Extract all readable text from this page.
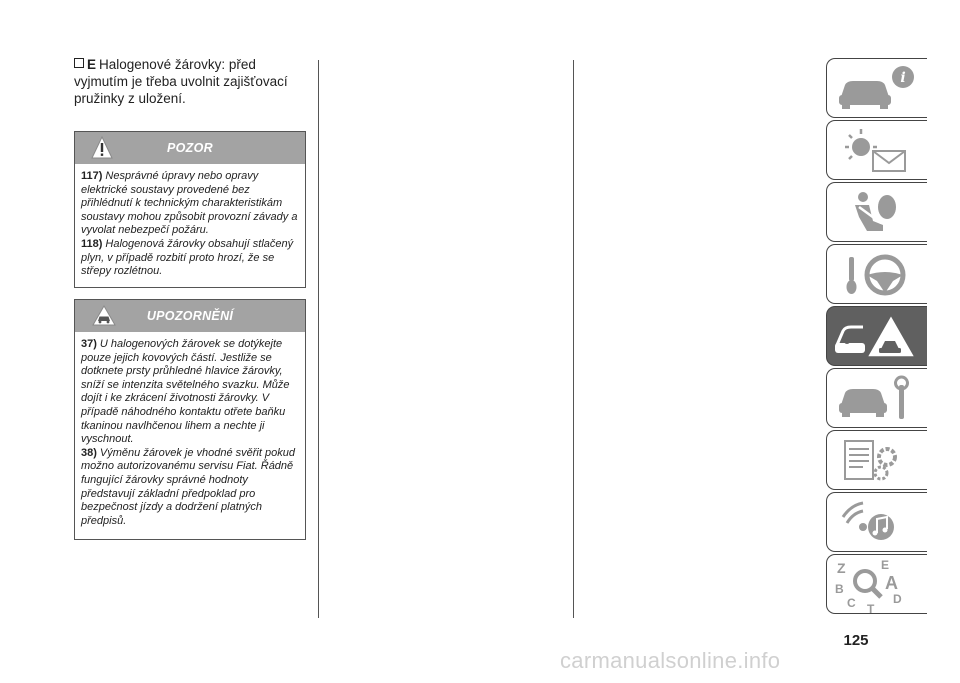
E Halogenové žárovky: před vyjmutím je třeba uvolnit zajišťovací pružinky z uložení.
POZOR

117) Nesprávné úpravy nebo opravy elektrické soustavy provedené bez přihlédnutí k technickým charakteristikám soustavy mohou způsobit provozní závady a vyvolat nebezpečí požáru.

118) Halogenová žárovky obsahují stlačený plyn, v případě rozbití proto hrozí, že se střepy rozlétnou.

UPOZORNĚNÍ

37) U halogenových žárovek se dotýkejte pouze jejich kovových částí. Jestliže se dotknete prsty průhledné hlavice žárovky, sníží se intenzita světelného svazku. Může dojít i ke zkrácení životnosti žárovky. V případě náhodného kontaktu otřete baňku tkaninou navlhčenou lihem a nechte ji vyschnout.

38) Výměnu žárovek je vhodné svěřit pokud možno autorizovanému servisu Fiat. Řádně fungující žárovky správné hodnoty představují základní předpoklad pro bezpečnost jízdy a dodržení platných předpisů.

i
Z	E
B A
C T
D
125
carmanualsonline.info
